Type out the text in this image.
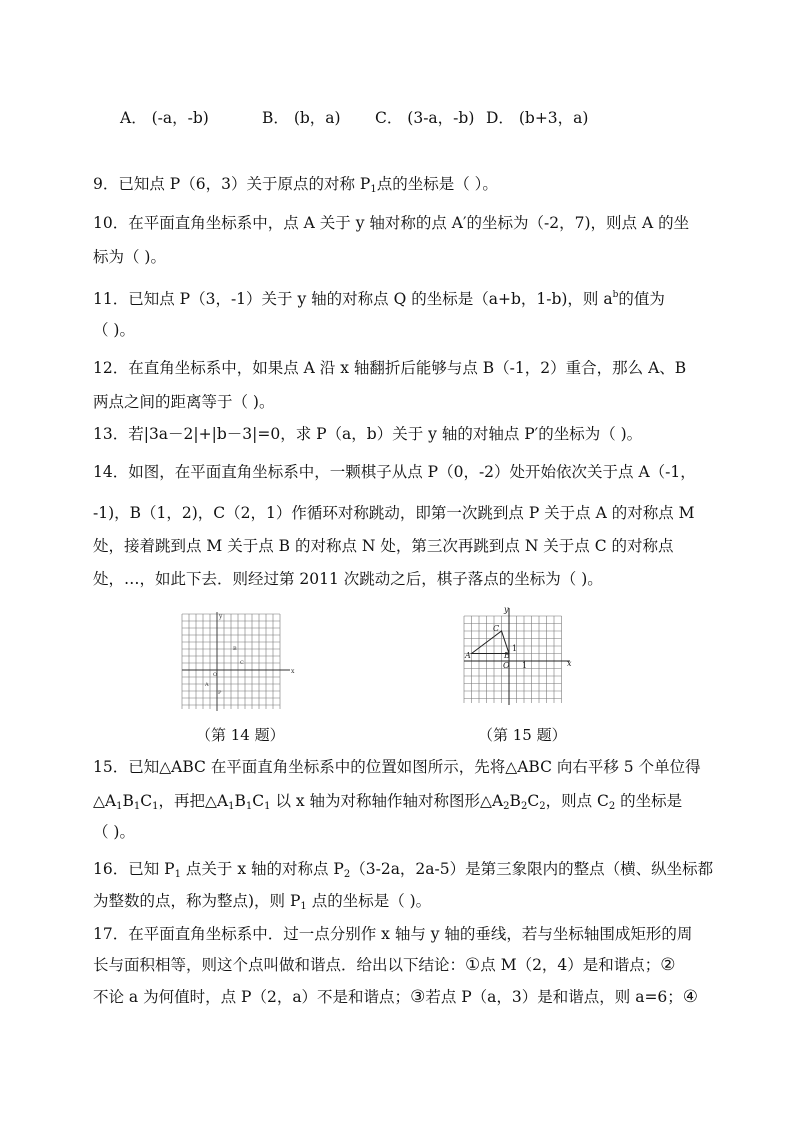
A． (-a，-b)	B． (b，a) C． (3-a，-b) D． (b+3，a)
9．已知点 P（6，3）关于原点的对称 $P_1$点的坐标是（ ）。
10．在平面直角坐标系中，点 A 关于 y 轴对称的点 A′的坐标为（-2，7)，则点 A 的坐
标为（ )。
11．已知点 P（3，-1）关于 y 轴的对称点 Q 的坐标是（a+b，1-b)，则 $a^b$的值为
（ )。
12．在直角坐标系中，如果点 A 沿 x 轴翻折后能够与点 B（-1，2）重合，那么 A、B
两点之间的距离等于（ )。
13．若|3a－2|+|b－3|=0，求 P（a，b）关于 y 轴的对轴点 P′的坐标为（ )。
14．如图，在平面直角坐标系中，一颗棋子从点 P（0，-2）处开始依次关于点 A（-1，
-1)，B（1，2)，C（2，1）作循环对称跳动，即第一次跳到点 P 关于点 A 的对称点 M
处，接着跳到点 M 关于点 B 的对称点 N 处，第三次再跳到点 N 关于点 C 的对称点
处，…，如此下去．则经过第 2011 次跳动之后，棋子落点的坐标为（ )。
x
y
O
B
C
A
P
（第 14 题）
x
y
O
A	B
C
1
1
（第 15 题）
15．已知△ABC 在平面直角坐标系中的位置如图所示，先将△ABC 向右平移 5 个单位得
$\triangle A_1B_1C_1$，再把$\triangle A_1B_1C_1$ 以 x 轴为对称轴作轴对称图形$\triangle A_2B_2C_2$，则点 $C_2$ 的坐标是
（ )。
16．已知 $P_1$ 点关于 x 轴的对称点 $P_2(3-2a$，2a-5）是第三象限内的整点（横、纵坐标都
为整数的点，称为整点)，则 $P_1$ 点的坐标是（ )。
17．在平面直角坐标系中．过一点分别作 x 轴与 y 轴的垂线，若与坐标轴围成矩形的周
长与面积相等，则这个点叫做和谐点．给出以下结论：①点 M（2，4）是和谐点；②
不论 a 为何值时，点 P（2，a）不是和谐点；③若点 P（a，3）是和谐点，则 a=6；④
